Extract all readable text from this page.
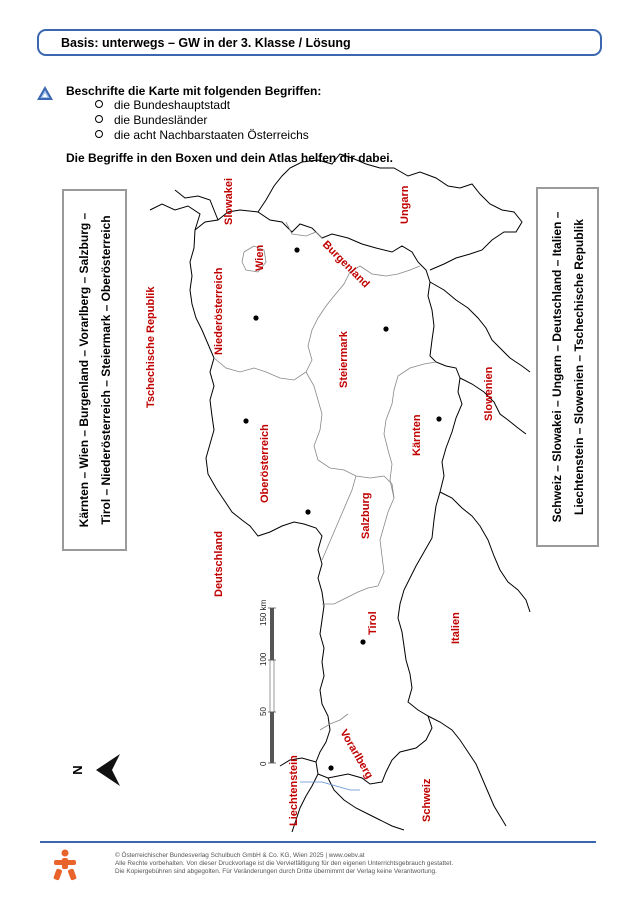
Basis: unterwegs – GW in der 3. Klasse / Lösung
Beschrifte die Karte mit folgenden Begriffen:
die Bundeshauptstadt
die Bundesländer
die acht Nachbarstaaten Österreichs
Die Begriffe in den Boxen und dein Atlas helfen dir dabei.
Kärnten – Wien – Burgenland – Vorarlberg – Salzburg – Tirol – Niederösterreich – Steiermark – Oberösterreich	Schweiz – Slowakei – Ungarn – Deutschland – Italien – Liechtenstein – Slowenien – Tschechische Republik
0
50
100
150 km
N
Slowakei	Ungarn
Wien	Burgenland
Niederösterreich
Tschechische Republik	Steiermark
Slowenien
Kärnten
Oberösterreich
Salzburg
Deutschland
Tirol	Italien
Vorarlberg
Liechtenstein	Schweiz
© Österreichischer Bundesverlag Schulbuch GmbH & Co. KG, Wien 2025 | www.oebv.at
Alle Rechte vorbehalten. Von dieser Druckvorlage ist die Vervielfältigung für den eigenen Unterrichtsgebrauch gestattet.
Die Kopiergebühren sind abgegolten. Für Veränderungen durch Dritte übernimmt der Verlag keine Verantwortung.
